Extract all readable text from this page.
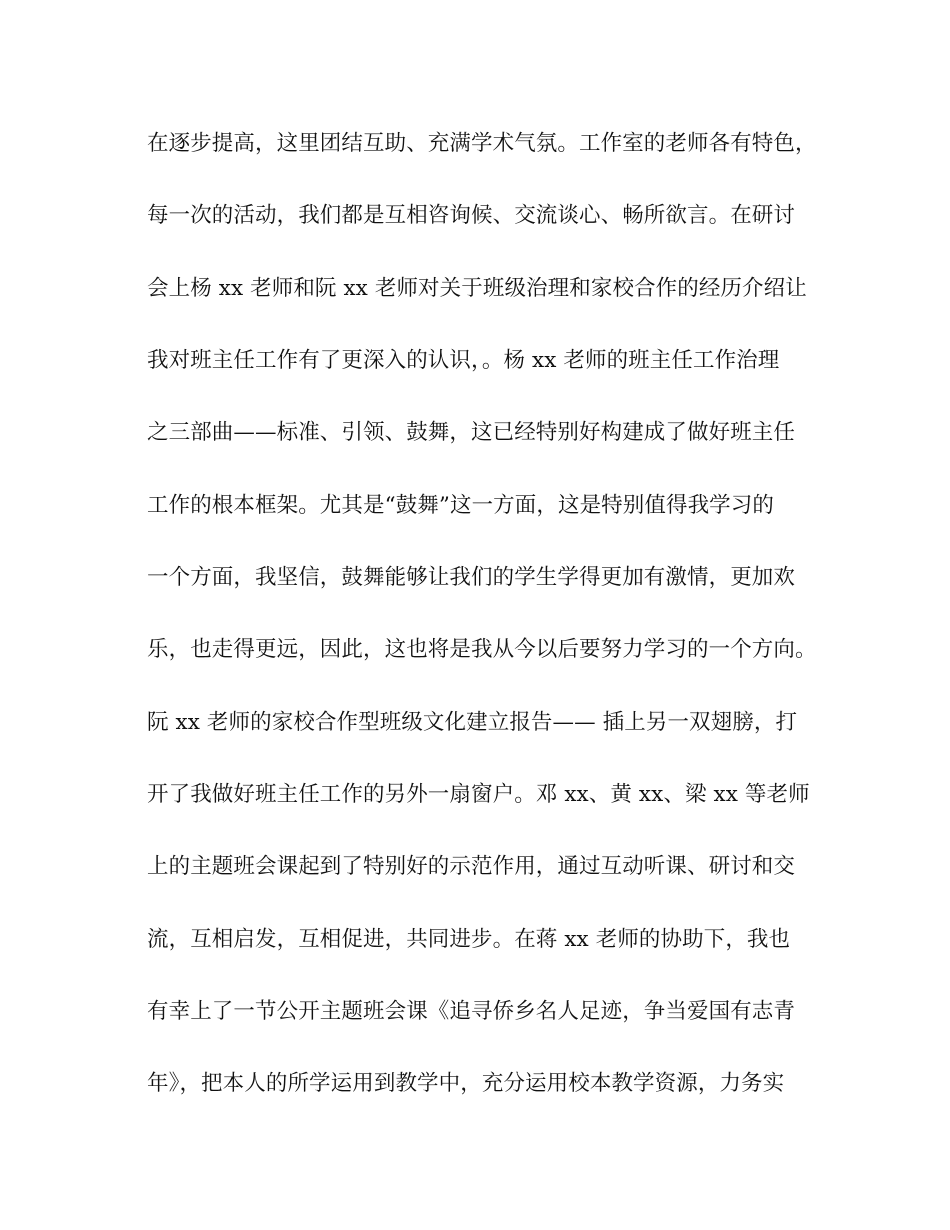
在逐步提高，这里团结互助、充满学术气氛。工作室的老师各有特色，
每一次的活动，我们都是互相咨询候、交流谈心、畅所欲言。在研讨
会上杨 xx 老师和阮 xx 老师对关于班级治理和家校合作的经历介绍让
我对班主任工作有了更深入的认识，。杨 xx 老师的班主任工作治理
之三部曲——标准、引领、鼓舞，这已经特别好构建成了做好班主任
工作的根本框架。尤其是“鼓舞”这一方面，这是特别值得我学习的
一个方面，我坚信，鼓舞能够让我们的学生学得更加有激情，更加欢
乐，也走得更远，因此，这也将是我从今以后要努力学习的一个方向。
阮 xx 老师的家校合作型班级文化建立报告—— 插上另一双翅膀，打
开了我做好班主任工作的另外一扇窗户。邓 xx、黄 xx、梁 xx 等老师
上的主题班会课起到了特别好的示范作用，通过互动听课、研讨和交
流，互相启发，互相促进，共同进步。在蒋 xx 老师的协助下，我也
有幸上了一节公开主题班会课《追寻侨乡名人足迹，争当爱国有志青
年》，把本人的所学运用到教学中，充分运用校本教学资源，力务实
